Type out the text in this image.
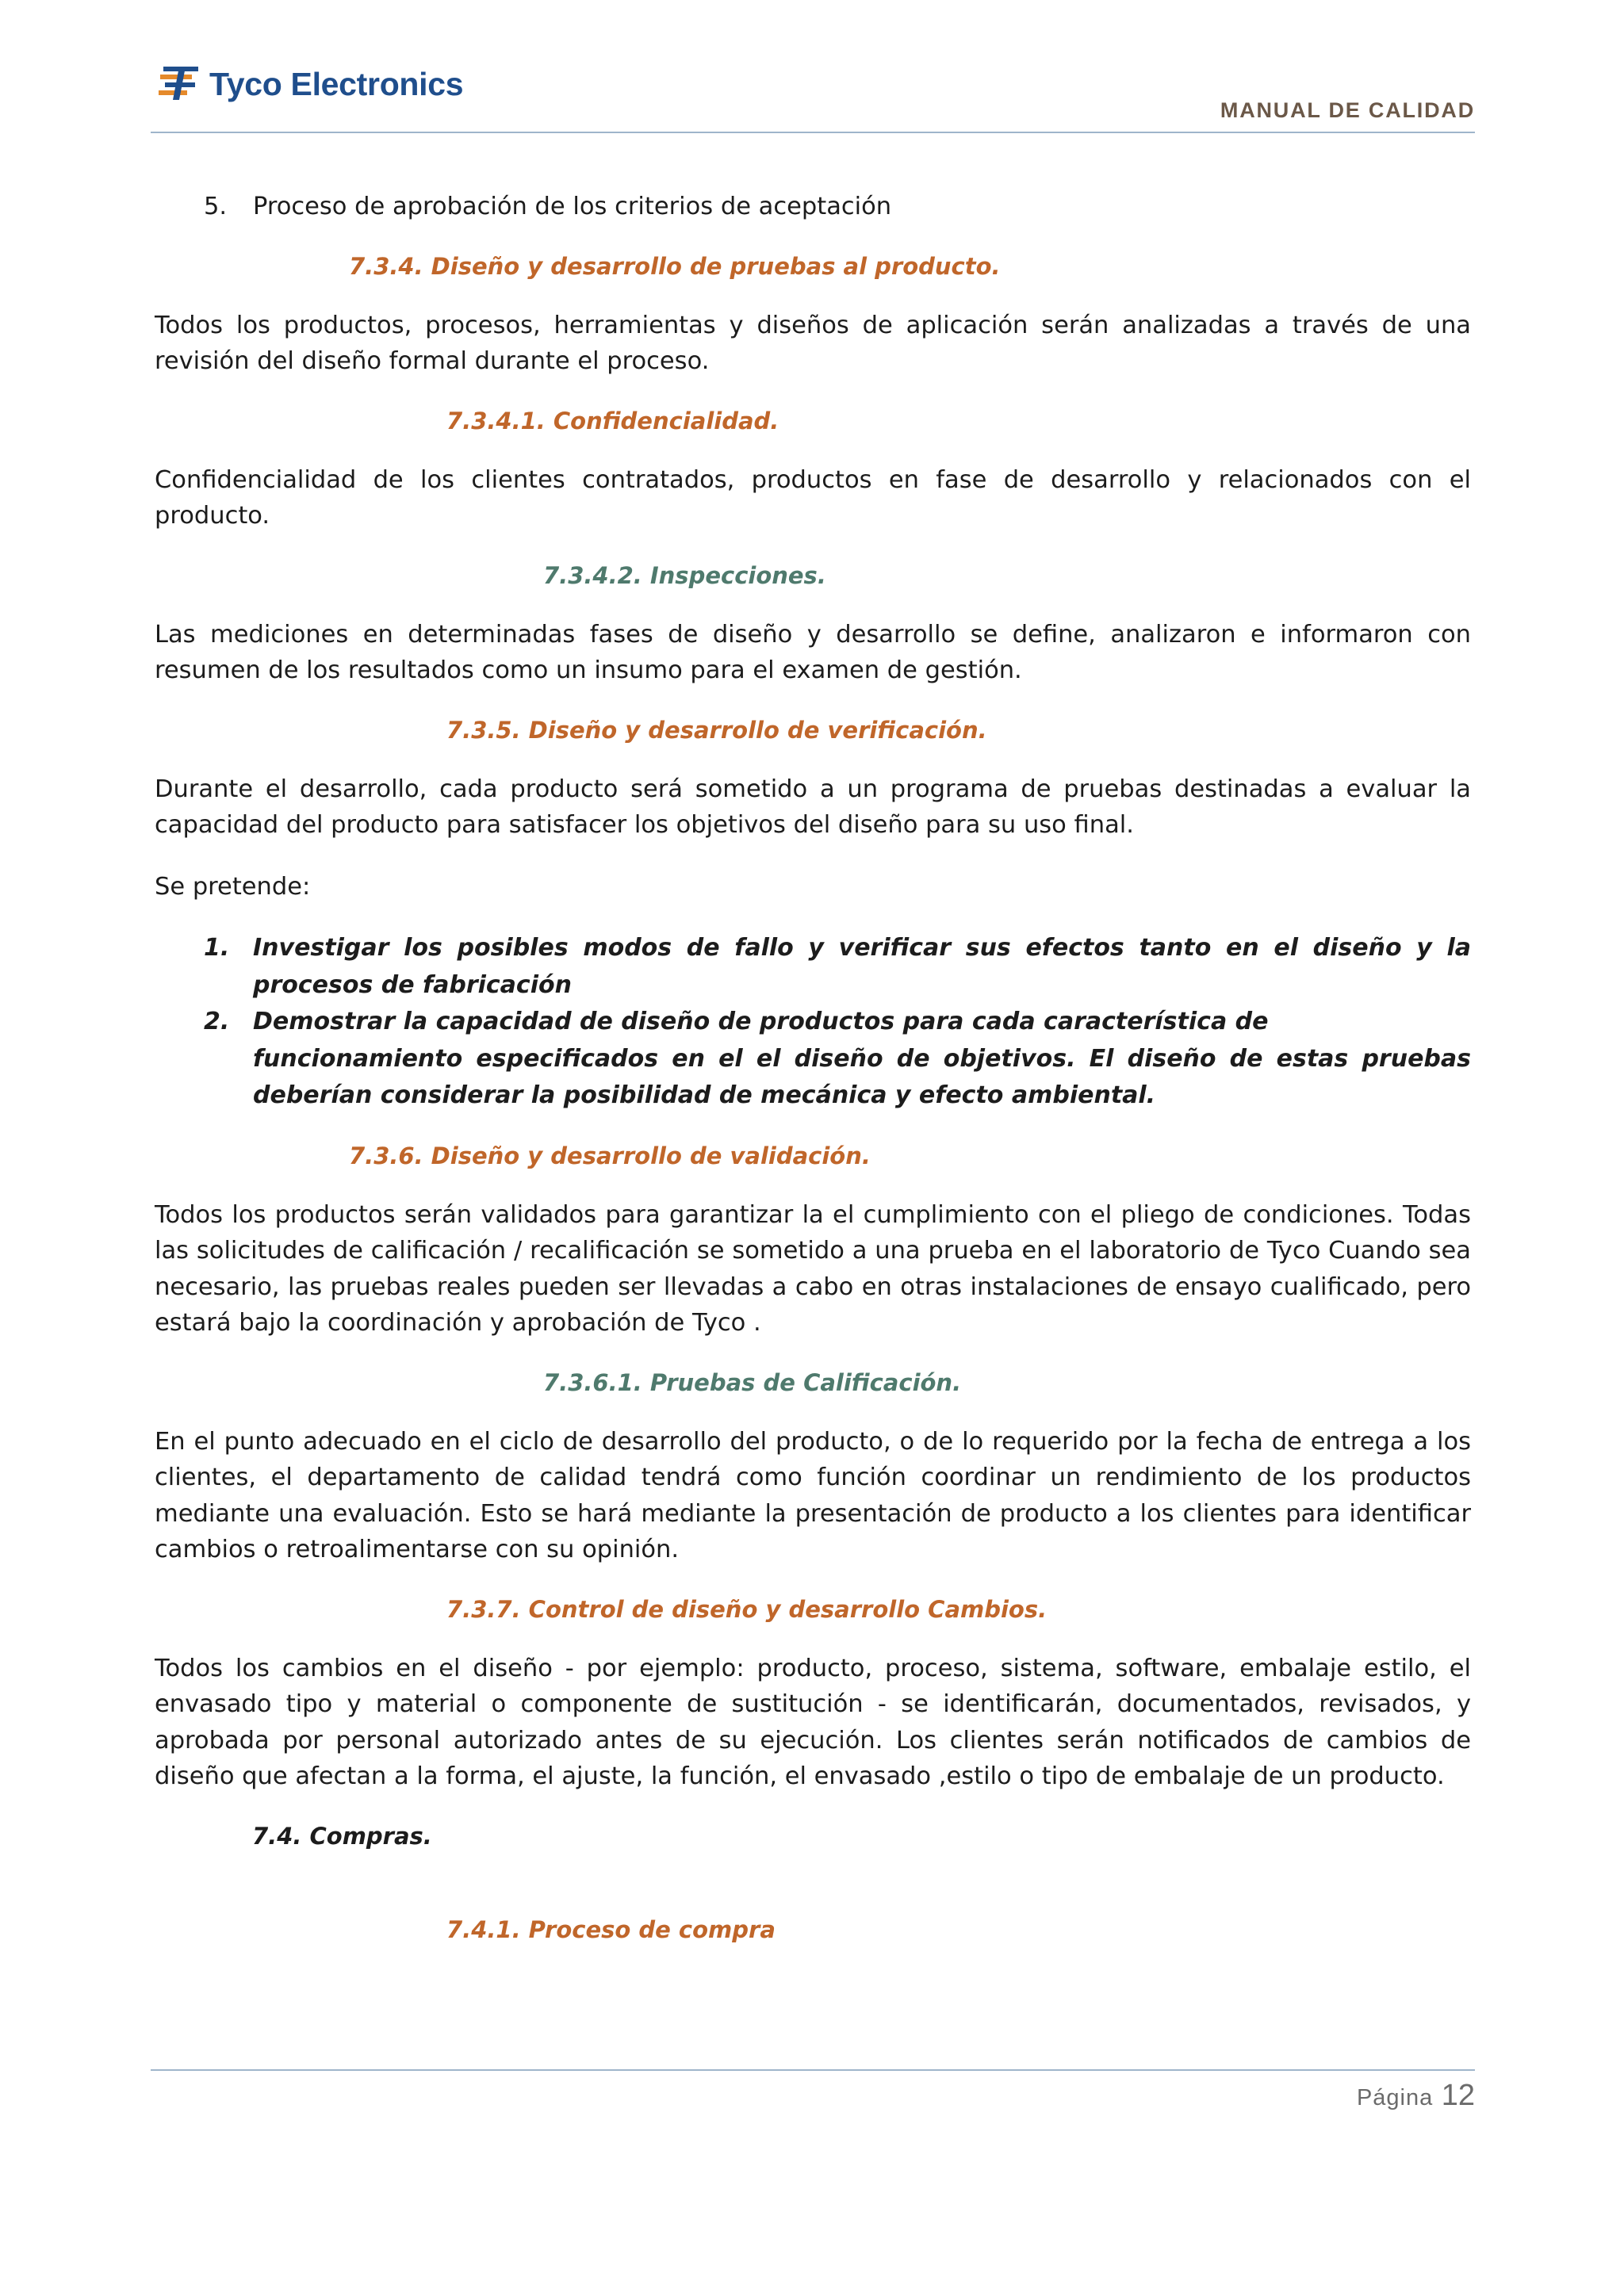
Tyco Electronics
MANUAL DE CALIDAD
5.	Proceso de aprobación de los criterios de aceptación
7.3.4. Diseño y desarrollo de pruebas al producto.

Todos los productos, procesos, herramientas y diseños de aplicación serán analizadas a través de una revisión del diseño formal durante el proceso.

7.3.4.1. Confidencialidad.

Confidencialidad de los clientes contratados, productos en fase de desarrollo y relacionados con el producto.

7.3.4.2. Inspecciones.

Las mediciones en determinadas fases de diseño y desarrollo se define, analizaron e informaron con resumen de los resultados como un insumo para el examen de gestión.

7.3.5. Diseño y desarrollo de verificación.

Durante el desarrollo, cada producto será sometido a un programa de pruebas destinadas a evaluar la capacidad del producto para satisfacer los objetivos del diseño para su uso final.

Se pretende:

1. Investigar los posibles modos de fallo y verificar sus efectos tanto en el diseño y la procesos de fabricación
2. Demostrar la capacidad de diseño de productos para cada característica de
funcionamiento especificados en el el diseño de objetivos. El diseño de estas pruebas deberían considerar la posibilidad de mecánica y efecto ambiental.
7.3.6. Diseño y desarrollo de validación.

Todos los productos serán validados para garantizar la el cumplimiento con el pliego de condiciones. Todas las solicitudes de calificación / recalificación se sometido a una prueba en el laboratorio de Tyco Cuando sea necesario, las pruebas reales pueden ser llevadas a cabo en otras instalaciones de ensayo cualificado, pero estará bajo la coordinación y aprobación de Tyco .

7.3.6.1. Pruebas de Calificación.

En el punto adecuado en el ciclo de desarrollo del producto, o de lo requerido por la fecha de entrega a los clientes, el departamento de calidad tendrá como función coordinar un rendimiento de los productos mediante una evaluación. Esto se hará mediante la presentación de producto a los clientes para identificar cambios o retroalimentarse con su opinión.

7.3.7. Control de diseño y desarrollo Cambios.

Todos los cambios en el diseño - por ejemplo: producto, proceso, sistema, software, embalaje estilo, el envasado tipo y material o componente de sustitución - se identificarán, documentados, revisados, y aprobada por personal autorizado antes de su ejecución. Los clientes serán notificados de cambios de diseño que afectan a la forma, el ajuste, la función, el envasado ,estilo o tipo de embalaje de un producto.

7.4. Compras.
7.4.1. Proceso de compra
Página 12
